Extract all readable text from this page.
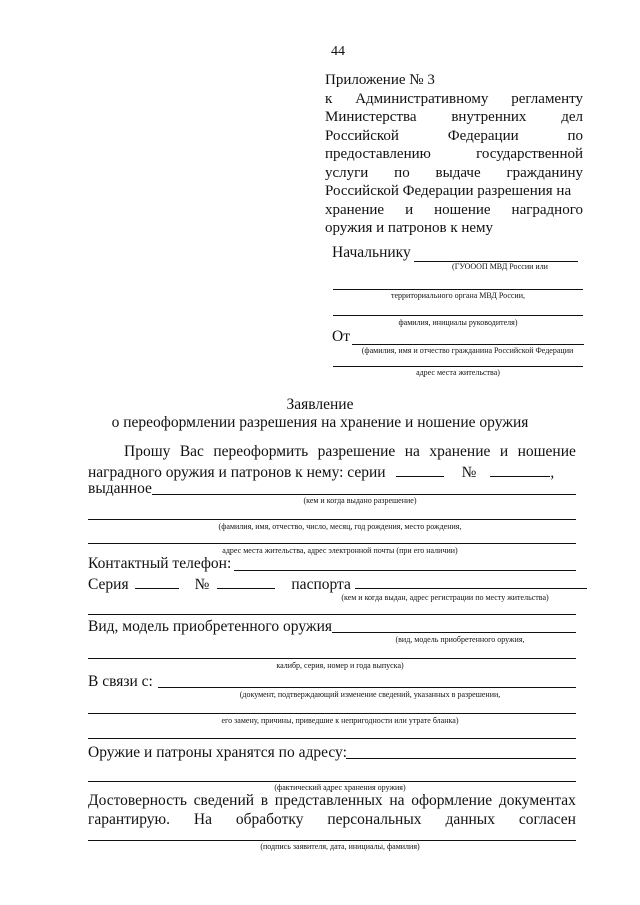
44
Приложение № 3
к Административному регламенту
Министерства внутренних дел
Российской	Федерации	по
предоставлению	государственной
услуги по выдаче гражданину
Российской Федерации разрешения на
хранение и ношение наградного
оружия и патронов к нему
Начальнику
(ГУОООП МВД России или
территориального органа МВД России,
фамилия, инициалы руководителя)
От
(фамилия, имя и отчество гражданина Российской Федерации
адрес места жительства)
Заявление
о переоформлении разрешения на хранение и ношение оружия
Прошу Вас переоформить разрешение на хранение и ношение
наградного оружия и патронов к нему: серии	№	,
выданное
(кем и когда выдано разрешение)
(фамилия, имя, отчество, число, месяц, год рождения, место рождения,
адрес места жительства, адрес электронной почты (при его наличии)
Контактный телефон:
Серия	№	паспорта
(кем и когда выдан, адрес регистрации по месту жительства)
Вид, модель приобретенного оружия
(вид, модель приобретенного оружия,
калибр, серия, номер и года выпуска)
В связи с:
(документ, подтверждающий изменение сведений, указанных в разрешении,
его замену, причины, приведшие к непригодности или утрате бланка)
Оружие и патроны хранятся по адресу:
(фактический адрес хранения оружия)
Достоверность сведений в представленных на оформление документах
гарантирую. На обработку персональных данных согласен
(подпись заявителя, дата, инициалы, фамилия)
